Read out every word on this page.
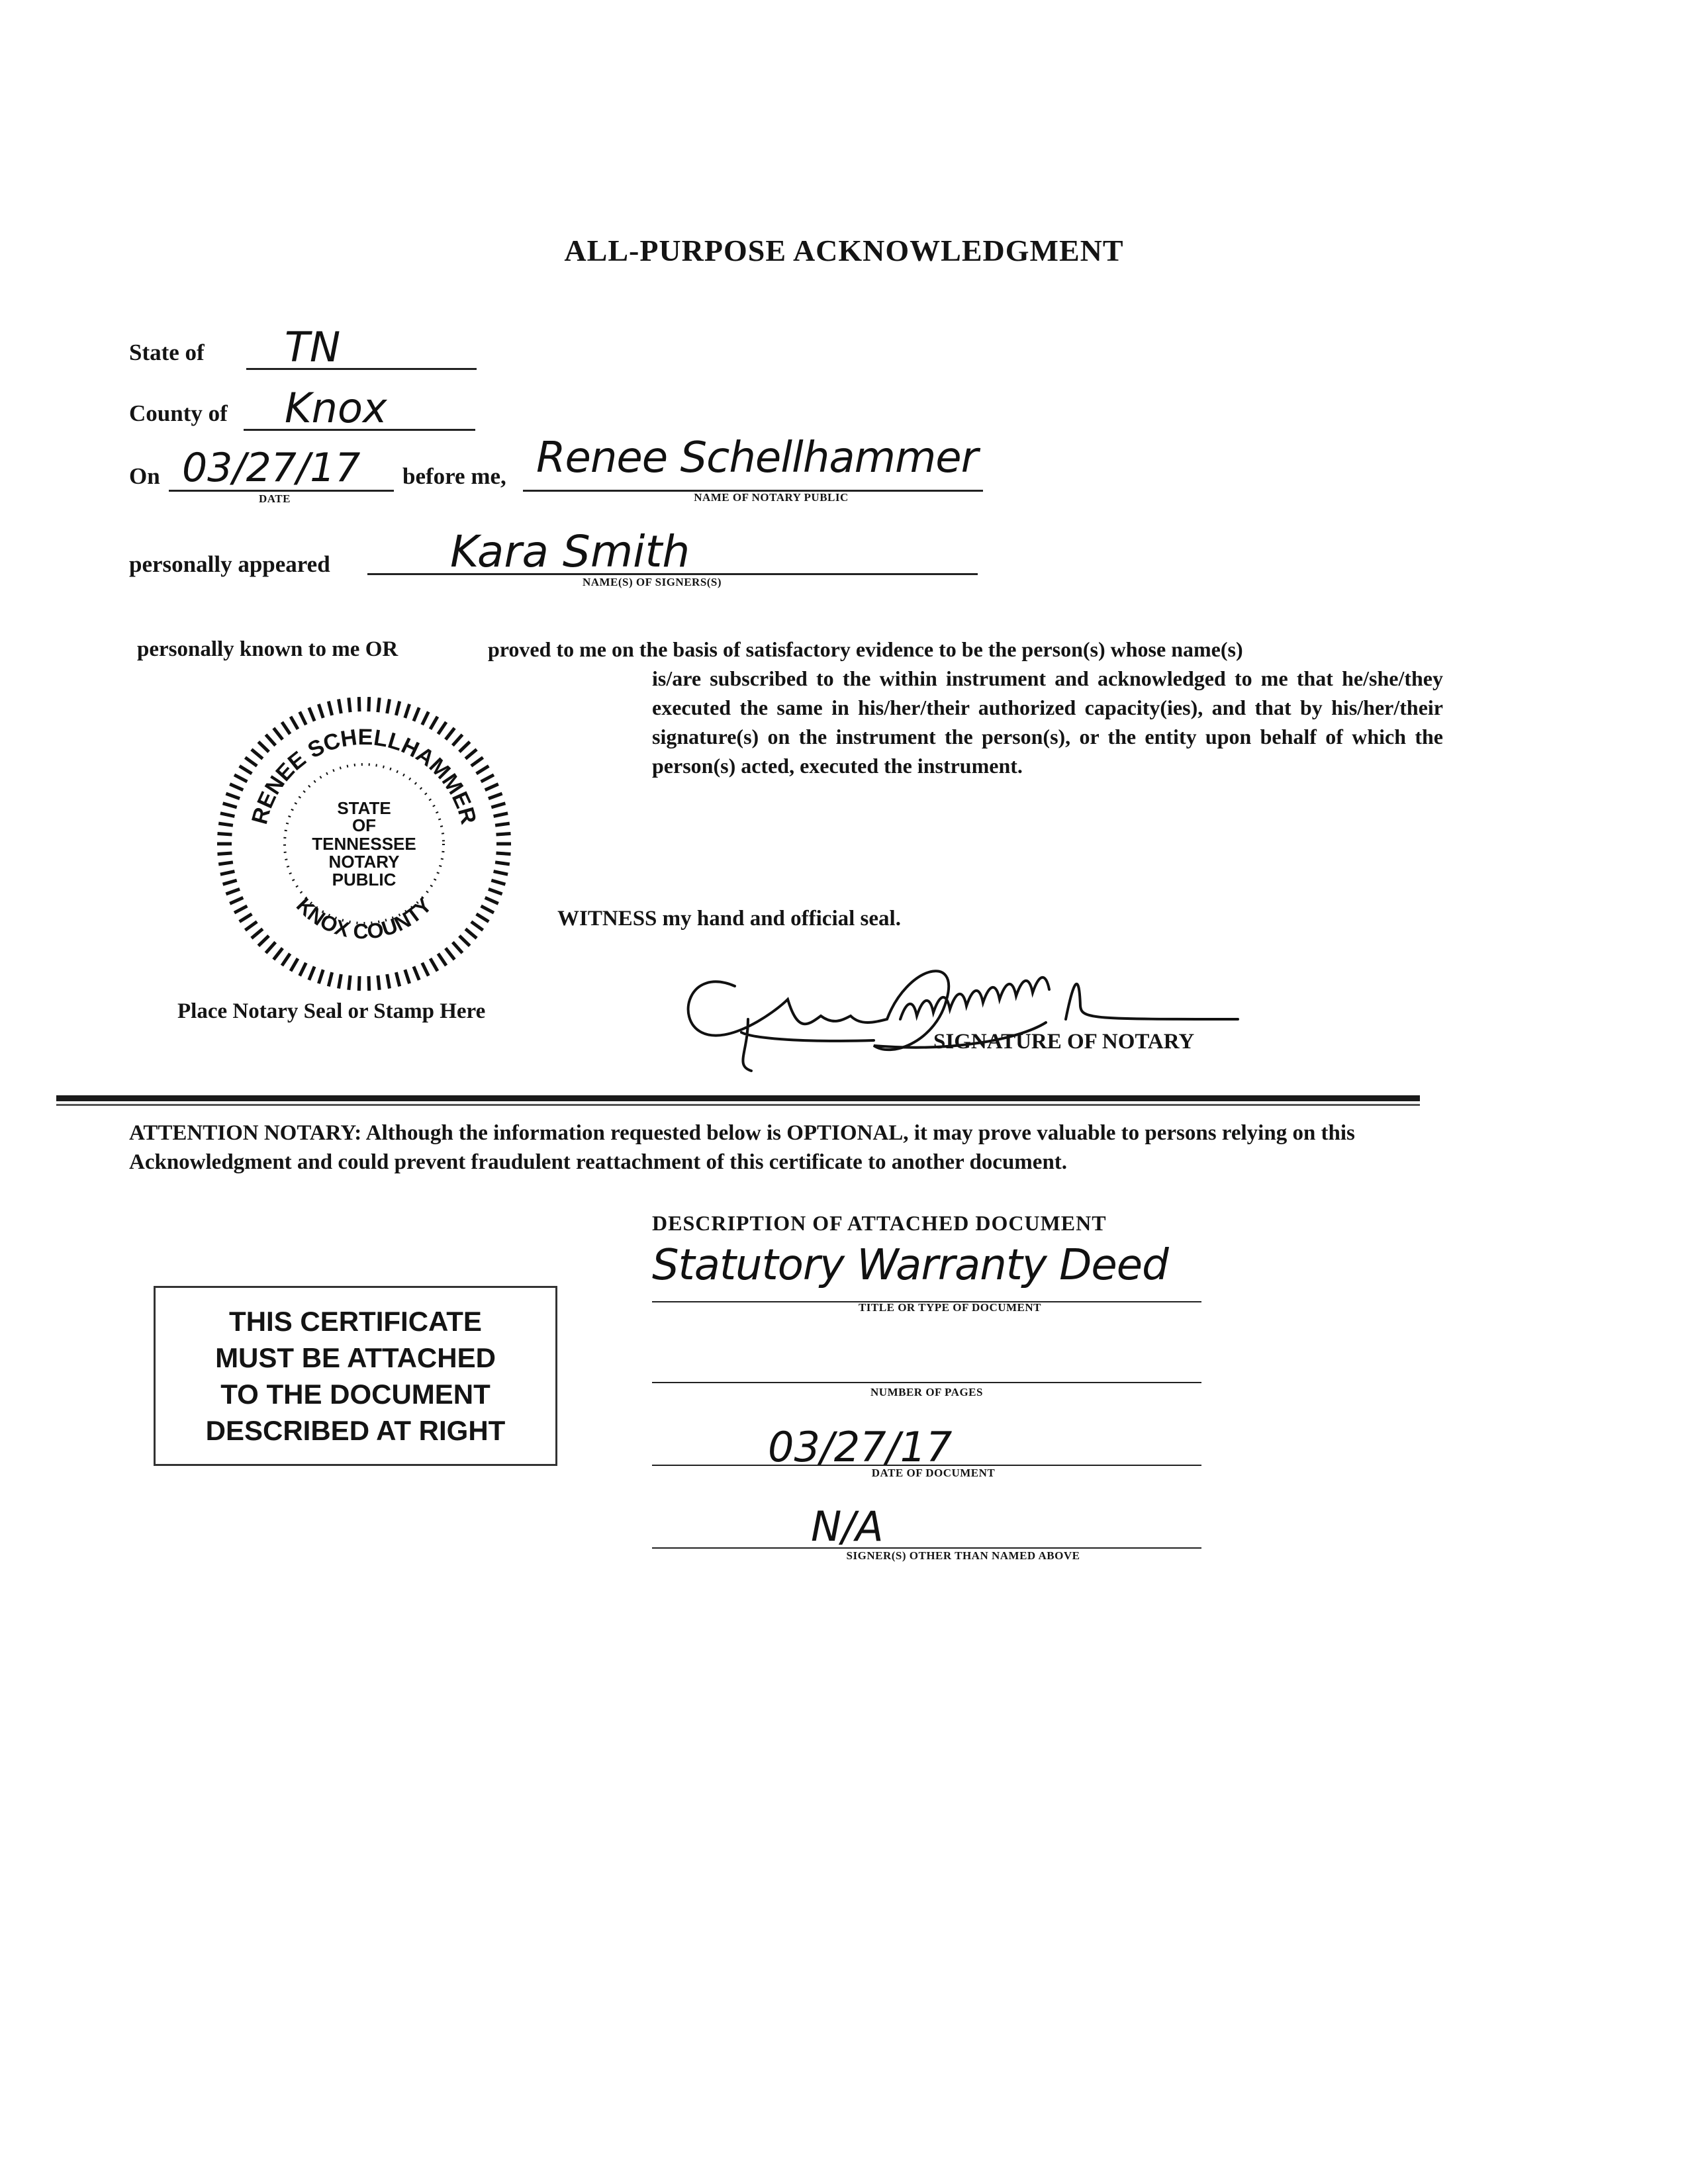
ALL-PURPOSE ACKNOWLEDGMENT
State of TN
County of Knox
On 03/27/17
DATE
before me, Renee Schellhammer
NAME OF NOTARY PUBLIC
personally appeared	Kara Smith
NAME(S) OF SIGNERS(S)
personally known to me OR	proved to me on the basis of satisfactory evidence to be the person(s) whose name(s)
is/are subscribed to the within instrument and acknowledged to me that he/she/they executed the same in his/her/their authorized capacity(ies), and that by his/her/their signature(s) on the instrument the person(s), or the entity upon behalf of which the person(s) acted, executed the instrument.
RENEE SCHELLHAMMER
KNOX COUNTY
STATE
OF
TENNESSEE
NOTARY
PUBLIC
Place Notary Seal or Stamp Here
WITNESS my hand and official seal.
SIGNATURE OF NOTARY
ATTENTION NOTARY: Although the information requested below is OPTIONAL, it may prove valuable to persons relying on this Acknowledgment and could prevent fraudulent reattachment of this certificate to another document.
DESCRIPTION OF ATTACHED DOCUMENT
Statutory Warranty Deed
TITLE OR TYPE OF DOCUMENT
NUMBER OF PAGES
03/27/17
DATE OF DOCUMENT
N/A
SIGNER(S) OTHER THAN NAMED ABOVE
THIS CERTIFICATE
MUST BE ATTACHED
TO THE DOCUMENT
DESCRIBED AT RIGHT
